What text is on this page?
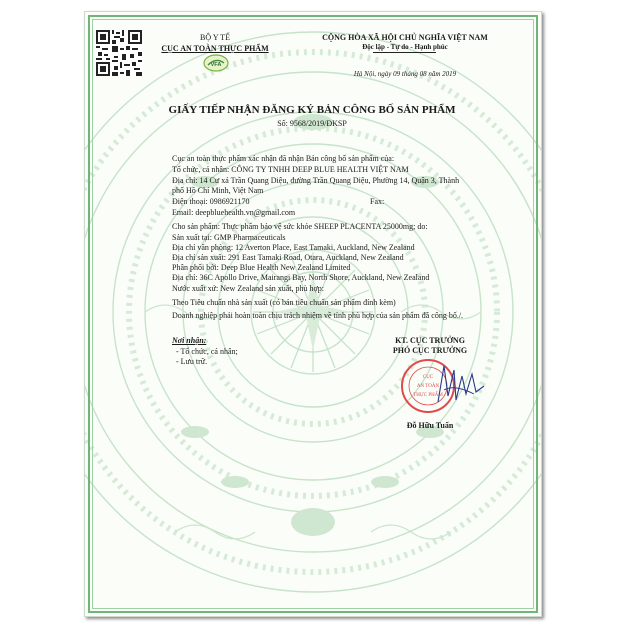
BỘ Y TẾ
CỤC AN TOÀN THỰC PHẨM
VFA
CỘNG HÒA XÃ HỘI CHỦ NGHĨA VIỆT NAM
Độc lập - Tự do - Hạnh phúc
Hà Nội, ngày 09 tháng 08 năm 2019
GIẤY TIẾP NHẬN ĐĂNG KÝ BẢN CÔNG BỐ SẢN PHẨM
Số: 9568/2019/ĐKSP
Cục an toàn thực phẩm xác nhận đã nhận Bản công bố sản phẩm của:
Tổ chức, cá nhân: CÔNG TY TNHH DEEP BLUE HEALTH VIỆT NAM
Địa chỉ: 14 Cư xá Trần Quang Diệu, đường Trần Quang Diệu, Phường 14, Quận 3, Thành
phố Hồ Chí Minh, Việt Nam
Điện thoại: 0986921170	Fax:
Email: deepbluehealth.vn@gmail.com
Cho sản phẩm: Thực phẩm bảo vệ sức khỏe SHEEP PLACENTA 25000mg; do:
Sản xuất tại: GMP Pharmaceuticals
Địa chỉ văn phòng: 12 Averton Place, East Tamaki, Auckland, New Zealand
Địa chỉ sản xuất: 291 East Tamaki Road, Otara, Auckland, New Zealand
Phân phối bởi: Deep Blue Health New Zealand Limited
Địa chỉ: 36C Apollo Drive, Mairangi Bay, North Shore, Auckland, New Zealand
Nước xuất xứ: New Zealand sản xuất, phù hợp:
Theo Tiêu chuẩn nhà sản xuất (có bản tiêu chuẩn sản phẩm đính kèm)
Doanh nghiệp phải hoàn toàn chịu trách nhiệm về tính phù hợp của sản phẩm đã công bố./.
Nơi nhận:
- Tổ chức, cá nhân;
- Lưu trữ.
KT. CỤC TRƯỞNG
PHÓ CỤC TRƯỞNG
CỤC
AN TOÀN
THỰC PHẨM
Đỗ Hữu Tuấn
